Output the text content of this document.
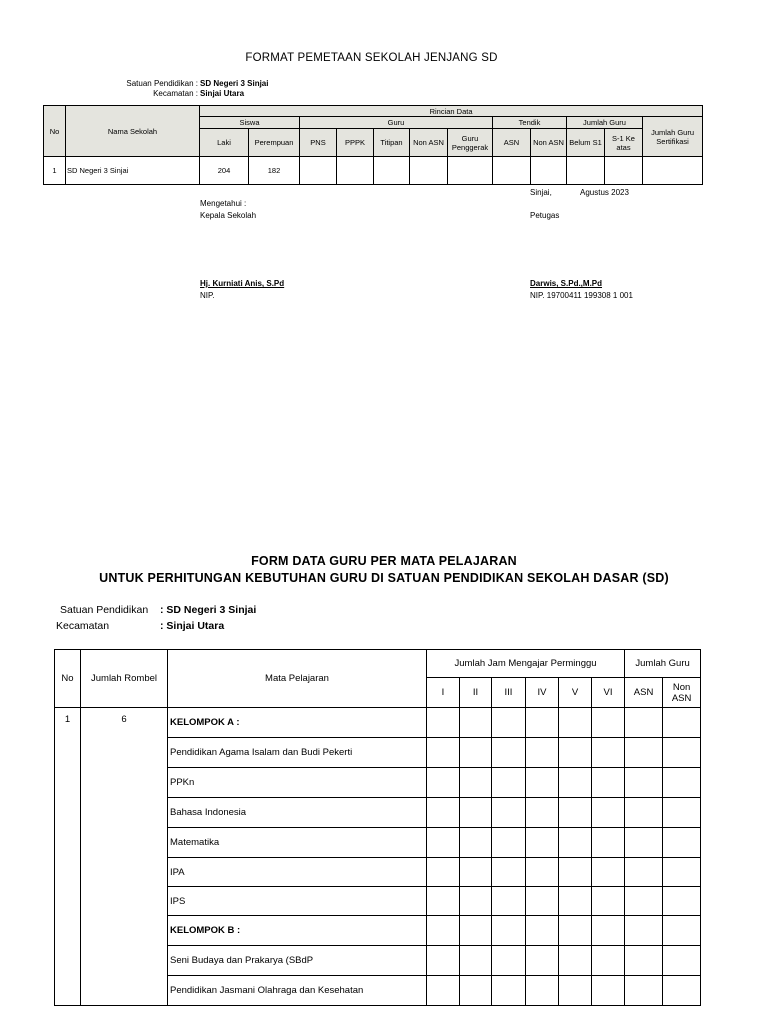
FORMAT PEMETAAN SEKOLAH JENJANG SD
Satuan Pendidikan : SD Negeri 3 Sinjai
Kecamatan : Sinjai Utara
No	Nama Sekolah	Rincian Data											
		Siswa		Guru					Tendik		Jumlah Guru		Jumlah Guru Sertifikasi
		Laki	Perempuan	PNS	PPPK	Titipan	Non ASN	Guru Penggerak	ASN	Non ASN	Belum S1	S-1 Ke atas	
1	SD Negeri 3 Sinjai	204	182										
Sinjai,	Agustus 2023
Mengetahui :
Kepala Sekolah	Petugas
Hj. Kurniati Anis, S.Pd
NIP.
Darwis, S.Pd.,M.Pd
NIP. 19700411 199308 1 001
FORM DATA GURU PER MATA PELAJARAN
UNTUK PERHITUNGAN KEBUTUHAN GURU DI SATUAN PENDIDIKAN SEKOLAH DASAR (SD)
Satuan Pendidikan : SD Negeri 3 Sinjai
Kecamatan	: Sinjai Utara
No	Jumlah Rombel	Mata Pelajaran	Jumlah Jam Mengajar Perminggu						Jumlah Guru	
			I	II	III	IV	V	VI	ASN	Non ASN
1	6	KELOMPOK A :								
		Pendidikan Agama Isalam dan Budi Pekerti								
		PPKn								
		Bahasa Indonesia								
		Matematika								
		IPA								
		IPS								
		KELOMPOK B :								
		Seni Budaya dan Prakarya (SBdP								
		Pendidikan Jasmani Olahraga dan Kesehatan								
